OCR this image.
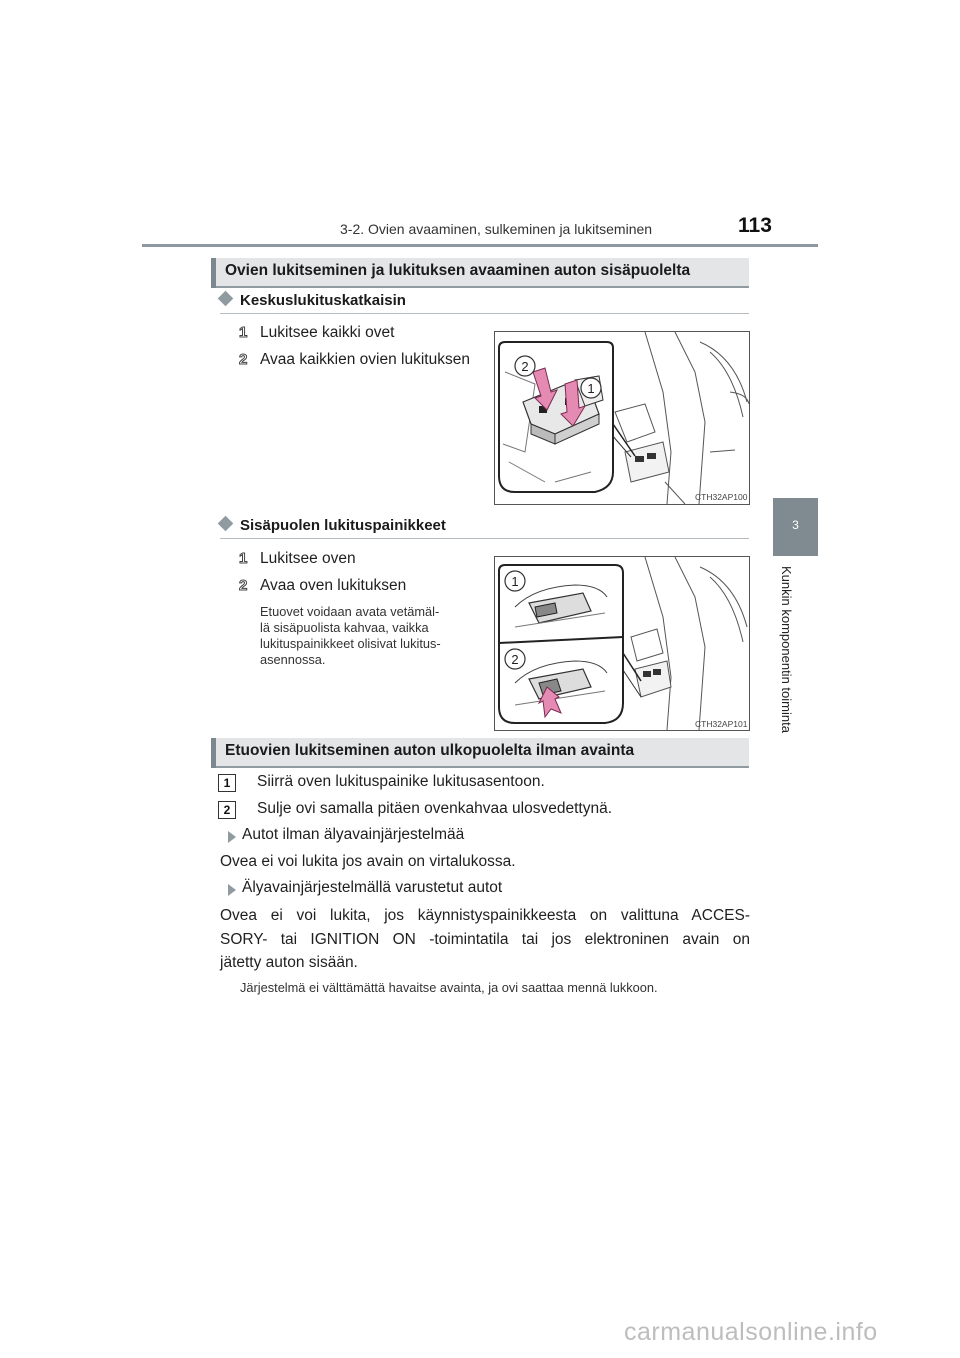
3-2. Ovien avaaminen, sulkeminen ja lukitseminen	113
3
Kunkin komponentin toiminta
Ovien lukitseminen ja lukituksen avaaminen auton sisäpuolelta
Keskuslukituskatkaisin
1 Lukitsee kaikki ovet
2 Avaa kaikkien ovien lukituksen	2
1
CTH32AP100
Sisäpuolen lukituspainikkeet
1 Lukitsee oven
2 Avaa oven lukituksen
Etuovet voidaan avata vetämäl-
lä sisäpuolista kahvaa, vaikka
lukituspainikkeet olisivat lukitus-
asennossa.
1
2
CTH32AP101
Etuovien lukitseminen auton ulkopuolelta ilman avainta
1	Siirrä oven lukituspainike lukitusasentoon.
2	Sulje ovi samalla pitäen ovenkahvaa ulosvedettynä.
Autot ilman älyavainjärjestelmää
Ovea ei voi lukita jos avain on virtalukossa.
Älyavainjärjestelmällä varustetut autot
Ovea ei voi lukita, jos käynnistyspainikkeesta on valittuna ACCES-
SORY- tai IGNITION ON -toimintatila tai jos elektroninen avain on
jätetty auton sisään.
Järjestelmä ei välttämättä havaitse avainta, ja ovi saattaa mennä lukkoon.
carmanualsonline.info
